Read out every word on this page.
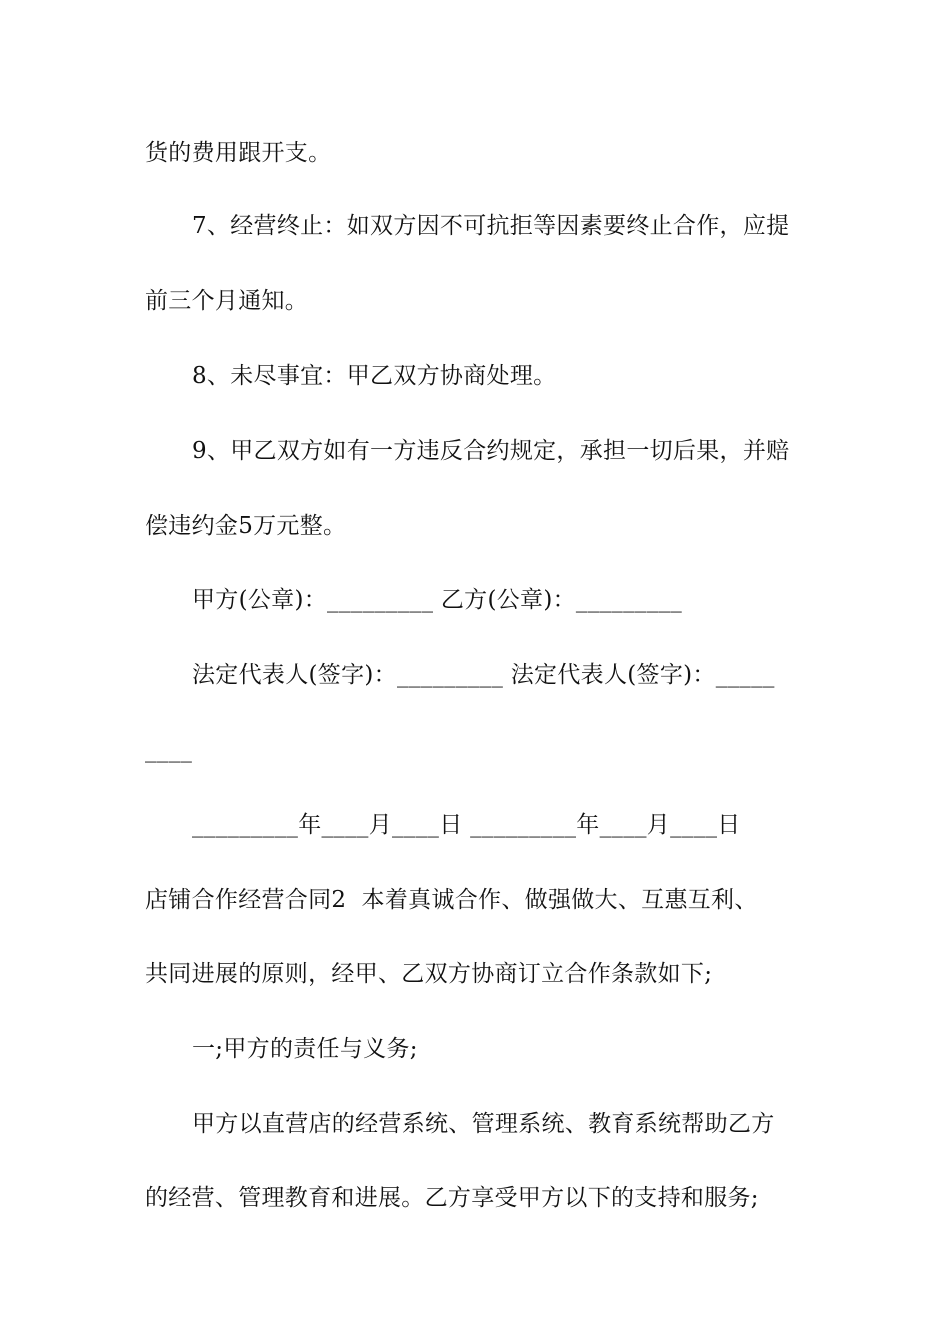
货的费用跟开支。
7、经营终止：如双方因不可抗拒等因素要终止合作，应提
前三个月通知。
8、未尽事宜：甲乙双方协商处理。
9、甲乙双方如有一方违反合约规定，承担一切后果，并赔
偿违约金5万元整。
甲方(公章)：_________ 乙方(公章)：_________
法定代表人(签字)：_________ 法定代表人(签字)：_____
____
_________年____月____日 _________年____月____日
店铺合作经营合同2  本着真诚合作、做强做大、互惠互利、
共同进展的原则，经甲、乙双方协商订立合作条款如下;
一;甲方的责任与义务;
甲方以直营店的经营系统、管理系统、教育系统帮助乙方
的经营、管理教育和进展。乙方享受甲方以下的支持和服务;
